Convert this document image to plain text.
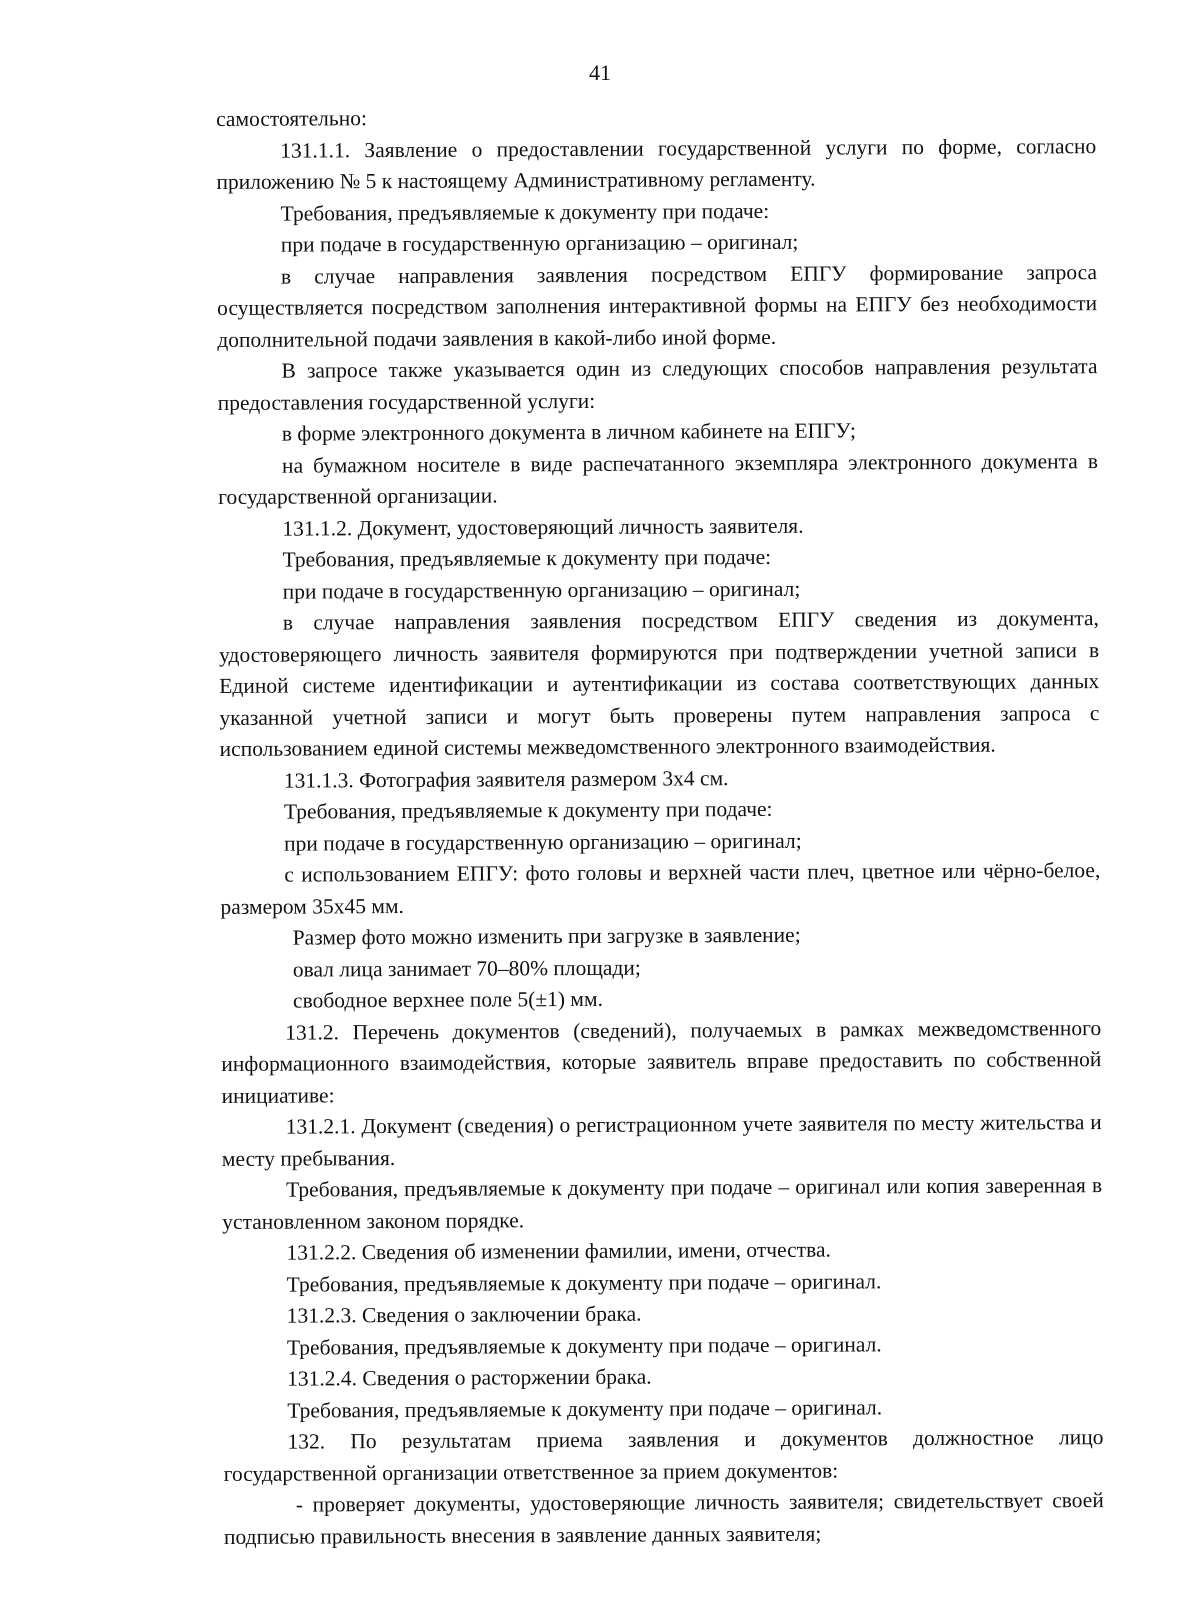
41

самостоятельно:

131.1.1. Заявление о предоставлении государственной услуги по форме, согласно приложению № 5 к настоящему Административному регламенту.

Требования, предъявляемые к документу при подаче:

при подаче в государственную организацию – оригинал;

в случае направления заявления посредством ЕПГУ формирование запроса осуществляется посредством заполнения интерактивной формы на ЕПГУ без необходимости дополнительной подачи заявления в какой-либо иной форме.

В запросе также указывается один из следующих способов направления результата предоставления государственной услуги:

в форме электронного документа в личном кабинете на ЕПГУ;

на бумажном носителе в виде распечатанного экземпляра электронного документа в государственной организации.

131.1.2. Документ, удостоверяющий личность заявителя.

Требования, предъявляемые к документу при подаче:

при подаче в государственную организацию – оригинал;

в случае направления заявления посредством ЕПГУ сведения из документа, удостоверяющего личность заявителя формируются при подтверждении учетной записи в Единой системе идентификации и аутентификации из состава соответствующих данных указанной учетной записи и могут быть проверены путем направления запроса с использованием единой системы межведомственного электронного взаимодействия.

131.1.3. Фотография заявителя размером 3х4 см.

Требования, предъявляемые к документу при подаче:

при подаче в государственную организацию – оригинал;

с использованием ЕПГУ: фото головы и верхней части плеч, цветное или чёрно-белое, размером 35х45 мм.

Размер фото можно изменить при загрузке в заявление;

овал лица занимает 70–80% площади;

свободное верхнее поле 5(±1) мм.

131.2. Перечень документов (сведений), получаемых в рамках межведомственного информационного взаимодействия, которые заявитель вправе предоставить по собственной инициативе:

131.2.1. Документ (сведения) о регистрационном учете заявителя по месту жительства и месту пребывания.

Требования, предъявляемые к документу при подаче – оригинал или копия заверенная в установленном законом порядке.

131.2.2. Сведения об изменении фамилии, имени, отчества.

Требования, предъявляемые к документу при подаче – оригинал.

131.2.3. Сведения о заключении брака.

Требования, предъявляемые к документу при подаче – оригинал.

131.2.4. Сведения о расторжении брака.

Требования, предъявляемые к документу при подаче – оригинал.

132. По результатам приема заявления и документов должностное лицо государственной организации ответственное за прием документов:

- проверяет документы, удостоверяющие личность заявителя; свидетельствует своей подписью правильность внесения в заявление данных заявителя;
